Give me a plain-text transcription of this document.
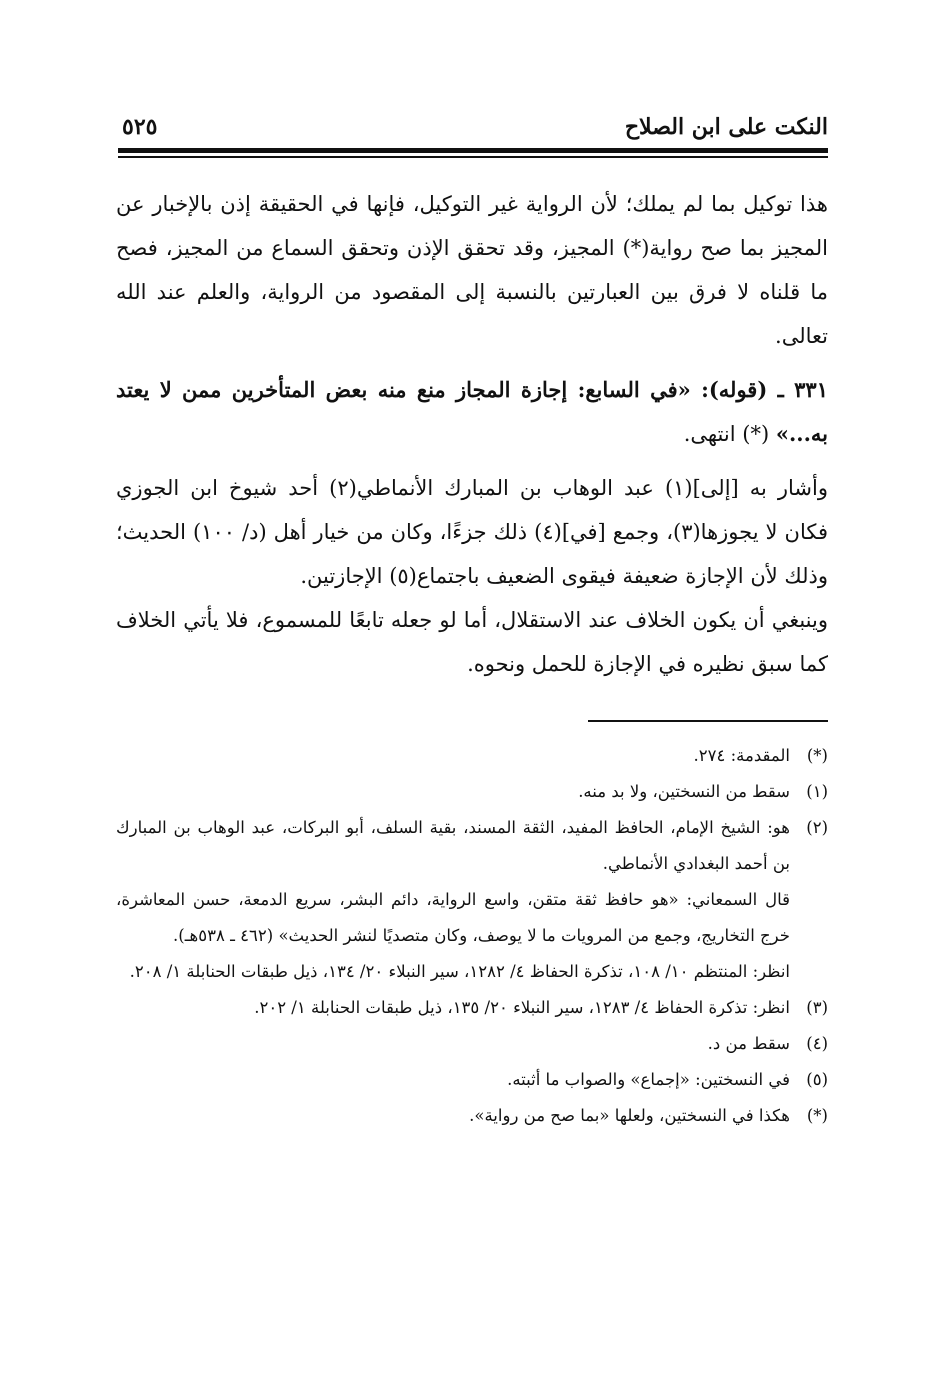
النكت على ابن الصلاح
٥٢٥

هذا توكيل بما لم يملك؛ لأن الرواية غير التوكيل، فإنها في الحقيقة إذن بالإخبار عن المجيز بما صح رواية(*) المجيز، وقد تحقق الإذن وتحقق السماع من المجيز، فصح ما قلناه لا فرق بين العبارتين بالنسبة إلى المقصود من الرواية، والعلم عند الله تعالى.

٣٣١ ـ (قوله): «في السابع: إجازة المجاز منع منه بعض المتأخرين ممن لا يعتد به...» (*) انتهى.

وأشار به [إلى](١) عبد الوهاب بن المبارك الأنماطي(٢) أحد شيوخ ابن الجوزي فكان لا يجوزها(٣)، وجمع [في](٤) ذلك جزءًا، وكان من خيار أهل (د/ ١٠٠) الحديث؛ وذلك لأن الإجازة ضعيفة فيقوى الضعيف باجتماع(٥) الإجازتين.

وينبغي أن يكون الخلاف عند الاستقلال، أما لو جعله تابعًا للمسموع، فلا يأتي الخلاف كما سبق نظيره في الإجازة للحمل ونحوه.

(*)
المقدمة: ٢٧٤.
(١)
سقط من النسختين، ولا بد منه.
(٢)
هو: الشيخ الإمام، الحافظ المفيد، الثقة المسند، بقية السلف، أبو البركات، عبد الوهاب بن المبارك بن أحمد البغدادي الأنماطي.
قال السمعاني: «هو حافظ ثقة متقن، واسع الرواية، دائم البشر، سريع الدمعة، حسن المعاشرة، خرج التخاريج، وجمع من المرويات ما لا يوصف، وكان متصديًا لنشر الحديث» (٤٦٢ ـ ٥٣٨هـ).
انظر: المنتظم ١٠/ ١٠٨، تذكرة الحفاظ ٤/ ١٢٨٢، سير النبلاء ٢٠/ ١٣٤، ذيل طبقات الحنابلة ١/ ٢٠٨.
(٣)
انظر: تذكرة الحفاظ ٤/ ١٢٨٣، سير النبلاء ٢٠/ ١٣٥، ذيل طبقات الحنابلة ١/ ٢٠٢.
(٤)
سقط من د.
(٥)
في النسختين: «إجماع» والصواب ما أثبته.
(*)
هكذا في النسختين، ولعلها «بما صح من رواية».
